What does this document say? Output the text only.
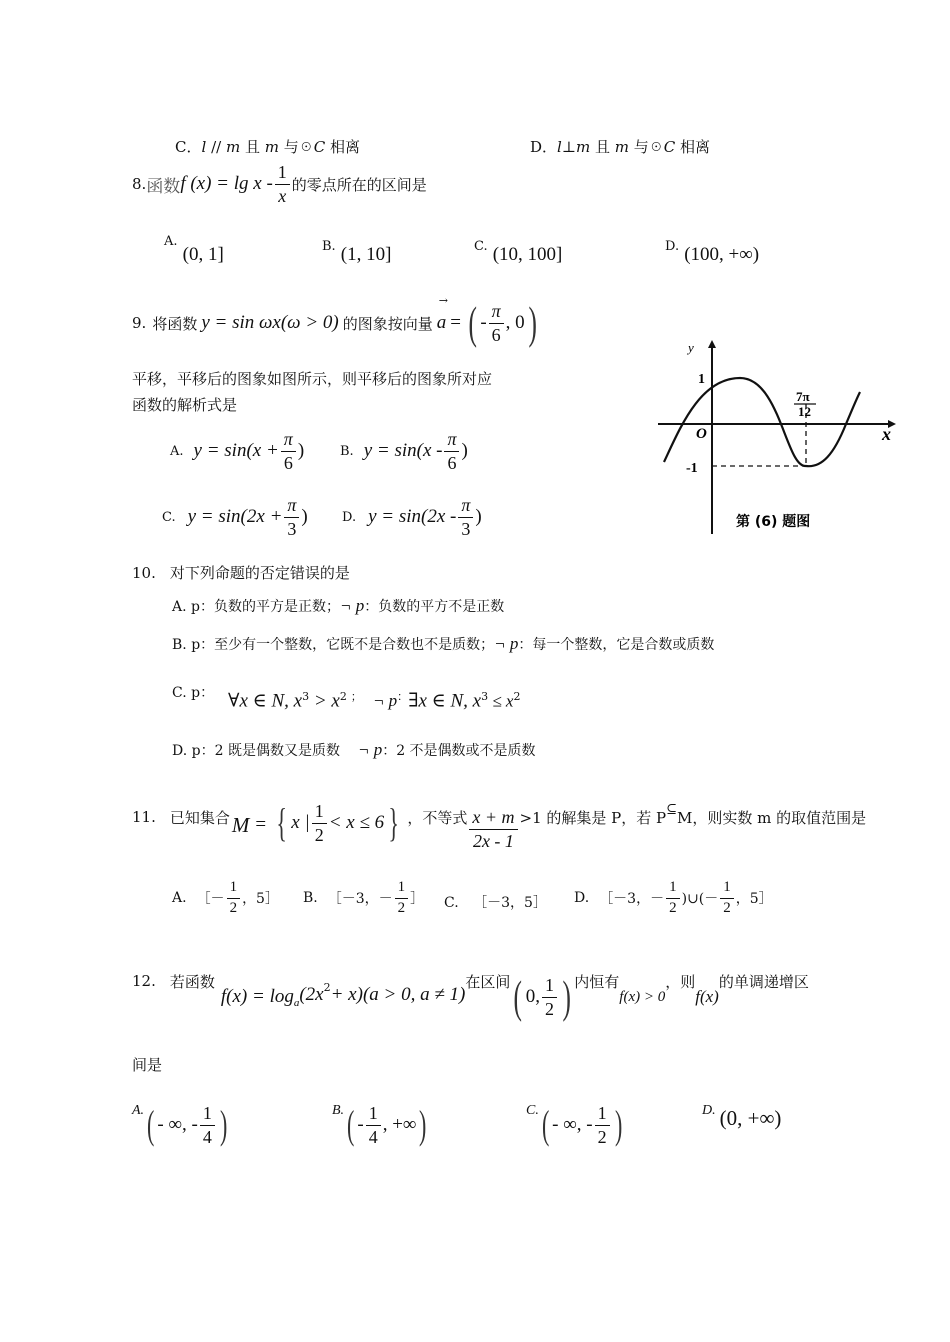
C．l // m 且 m 与☉C 相离	D．l⊥m 且 m 与☉C 相离
8. 函数 f $(x) = \lg x - \frac{1}{x}$ 的零点所在的区间是
$^{A.}$ (0, 1]	B. (1, 10]	C. (10, 100]	D. (100, +∞)
9. 将函数 y = sin ωx(ω > 0) 的图象按向量
→
a = ( - $\frac{\pi}{6}$ , 0 )
平移，平移后的图象如图所示，则平移后的图象所对应
函数的解析式是
A. $y = \sin(x + \frac{\pi}{6}$ )	B. $y = \sin(x - \frac{\pi}{6}$ )
C. $y = \sin(2x + \frac{\pi}{3}$ )	D. $y = \sin(2x - \frac{\pi}{3}$ )
y
x
O
1
-1
7π
12
第 (6) 题图
10. 对下列命题的否定错误的是
A. p：负数的平方是正数；¬ p：负数的平方不是正数
B. p：至少有一个整数，它既不是合数也不是质数；¬ p：每一个整数，它是合数或质数
C. p： ∀x ∈ N, $x^3 > x^2$ ； ¬ p：∃x ∈ N, $x^3 \le x^2$
D. p：2 既是偶数又是质数 ¬ p：2 不是偶数或不是质数
11. 已知集合 M = { x | $\frac{1}{2} < x \le 6$ } ，不等式 $\frac{x + m}{2x - 1} >1$ 的解集是 P，若 P ⊆ M，则实数 m 的取值范围是
A. ［－ $\frac{1}{2}$ ，5］ B. ［－3，－ $\frac{1}{2}$ ］ C. ［－3，5］ D. ［－3，－ $\frac{1}{2}$ )∪(－ $\frac{1}{2}$ ，5］
12. 若函数
f(x) = log a $(2x^2 + x)(a > 0$, a ≠ 1)
在区间 ( 0, $\frac{1}{2}$ ) 内恒有
f(x) > 0
，则
f(x)
的单调递增区
间是
A. ( - ∞, - $\frac{1}{4}$ )	B. ( - $\frac{1}{4}$ , +∞ )	C. ( - ∞, - $\frac{1}{2}$ )	D. (0, +∞)
